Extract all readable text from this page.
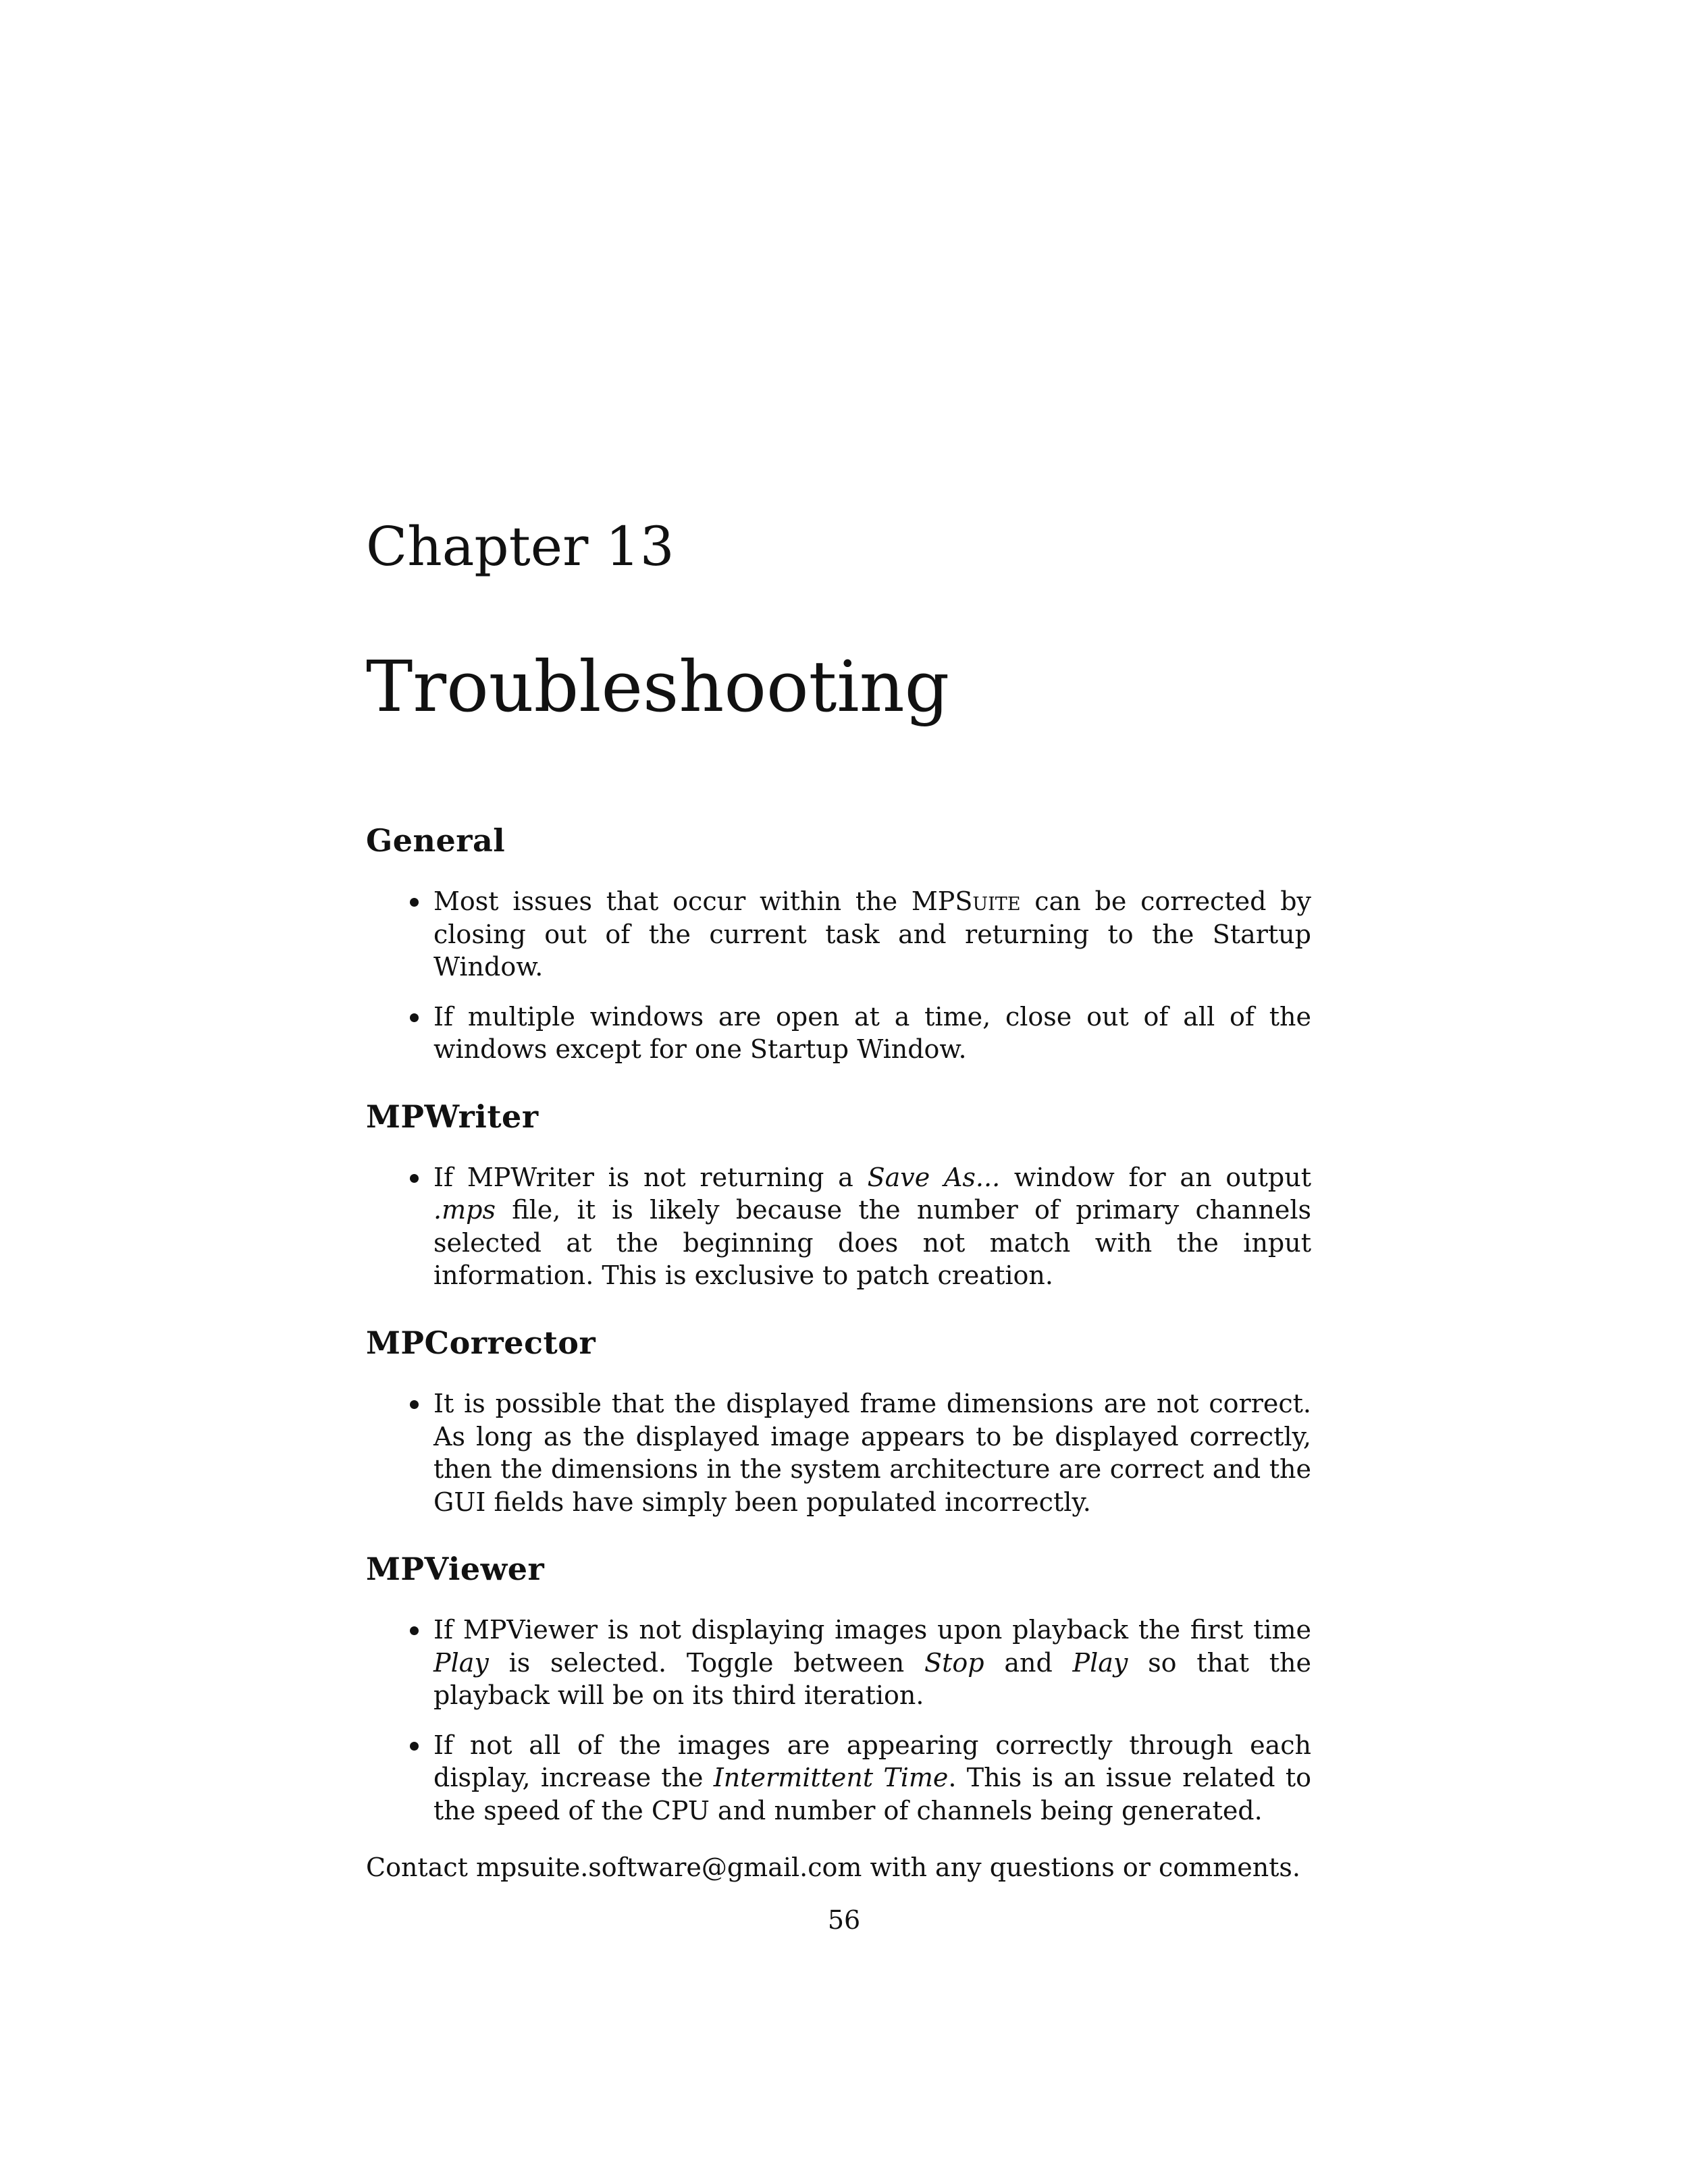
Chapter 13
Troubleshooting
General
Most issues that occur within the MPSuite can be corrected by closing out of the current task and returning to the Startup Window.
If multiple windows are open at a time, close out of all of the windows except for one Startup Window.
MPWriter
If MPWriter is not returning a Save As... window for an output .mps file, it is likely because the number of primary channels selected at the beginning does not match with the input information. This is exclusive to patch creation.
MPCorrector
It is possible that the displayed frame dimensions are not correct. As long as the displayed image appears to be displayed correctly, then the dimensions in the system architecture are correct and the GUI fields have simply been populated incorrectly.
MPViewer
If MPViewer is not displaying images upon playback the first time Play is selected. Toggle between Stop and Play so that the playback will be on its third iteration.
If not all of the images are appearing correctly through each display, increase the Intermittent Time. This is an issue related to the speed of the CPU and number of channels being generated.

Contact mpsuite.software@gmail.com with any questions or comments.

56
